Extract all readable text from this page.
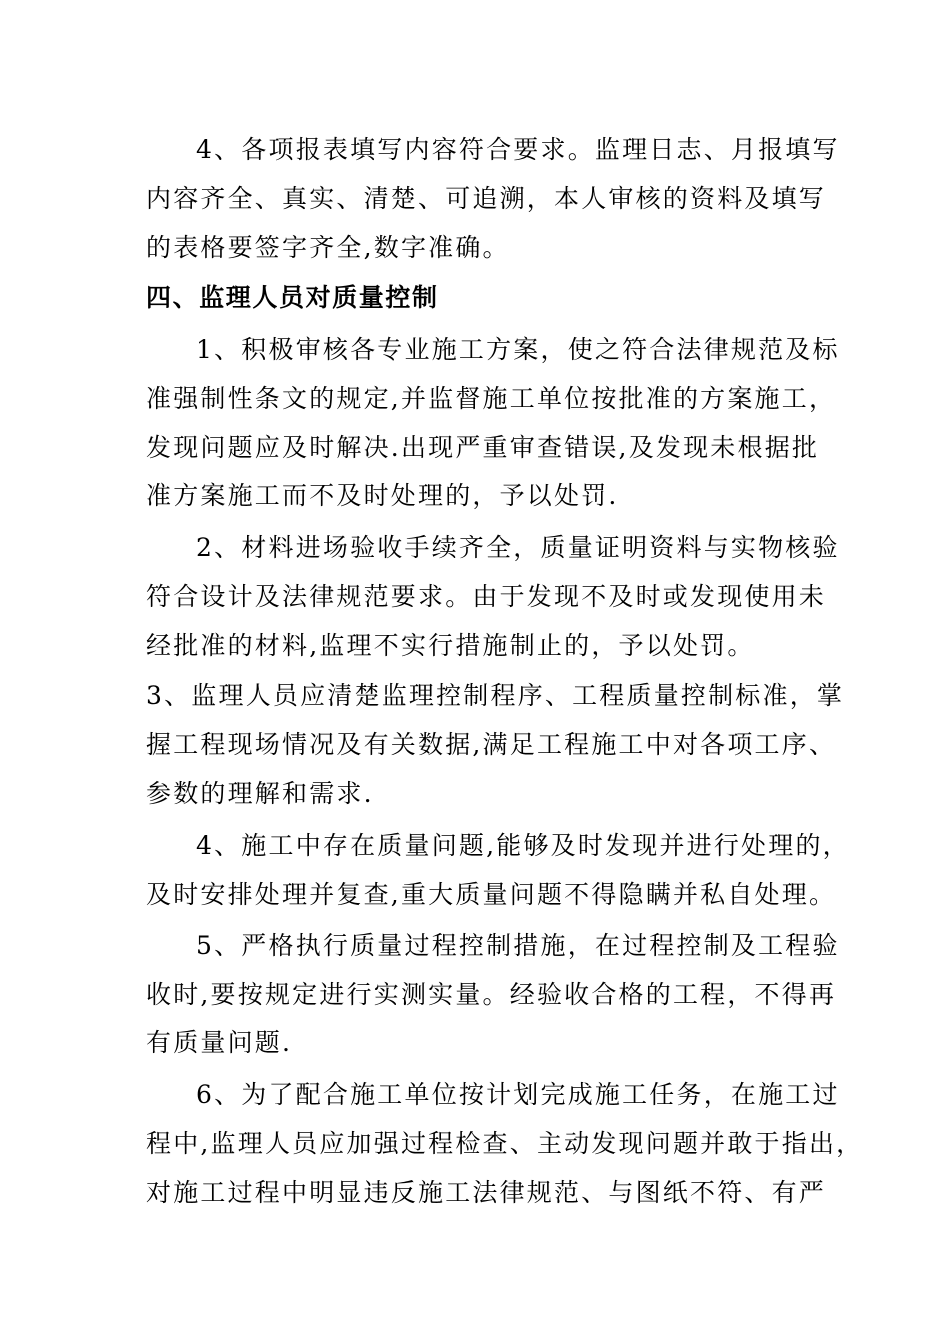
4、各项报表填写内容符合要求。监理日志、月报填写
内容齐全、真实、清楚、可追溯，本人审核的资料及填写
的表格要签字齐全,数字准确。
四、监理人员对质量控制
1、积极审核各专业施工方案，使之符合法律规范及标
准强制性条文的规定,并监督施工单位按批准的方案施工，
发现问题应及时解决.出现严重审查错误,及发现未根据批
准方案施工而不及时处理的，予以处罚.
2、材料进场验收手续齐全，质量证明资料与实物核验
符合设计及法律规范要求。由于发现不及时或发现使用未
经批准的材料,监理不实行措施制止的，予以处罚。
3、监理人员应清楚监理控制程序、工程质量控制标准，掌
握工程现场情况及有关数据,满足工程施工中对各项工序、
参数的理解和需求.
4、施工中存在质量问题,能够及时发现并进行处理的，
及时安排处理并复查,重大质量问题不得隐瞒并私自处理。
5、严格执行质量过程控制措施，在过程控制及工程验
收时,要按规定进行实测实量。经验收合格的工程，不得再
有质量问题.
6、为了配合施工单位按计划完成施工任务，在施工过
程中,监理人员应加强过程检查、主动发现问题并敢于指出，
对施工过程中明显违反施工法律规范、与图纸不符、有严
